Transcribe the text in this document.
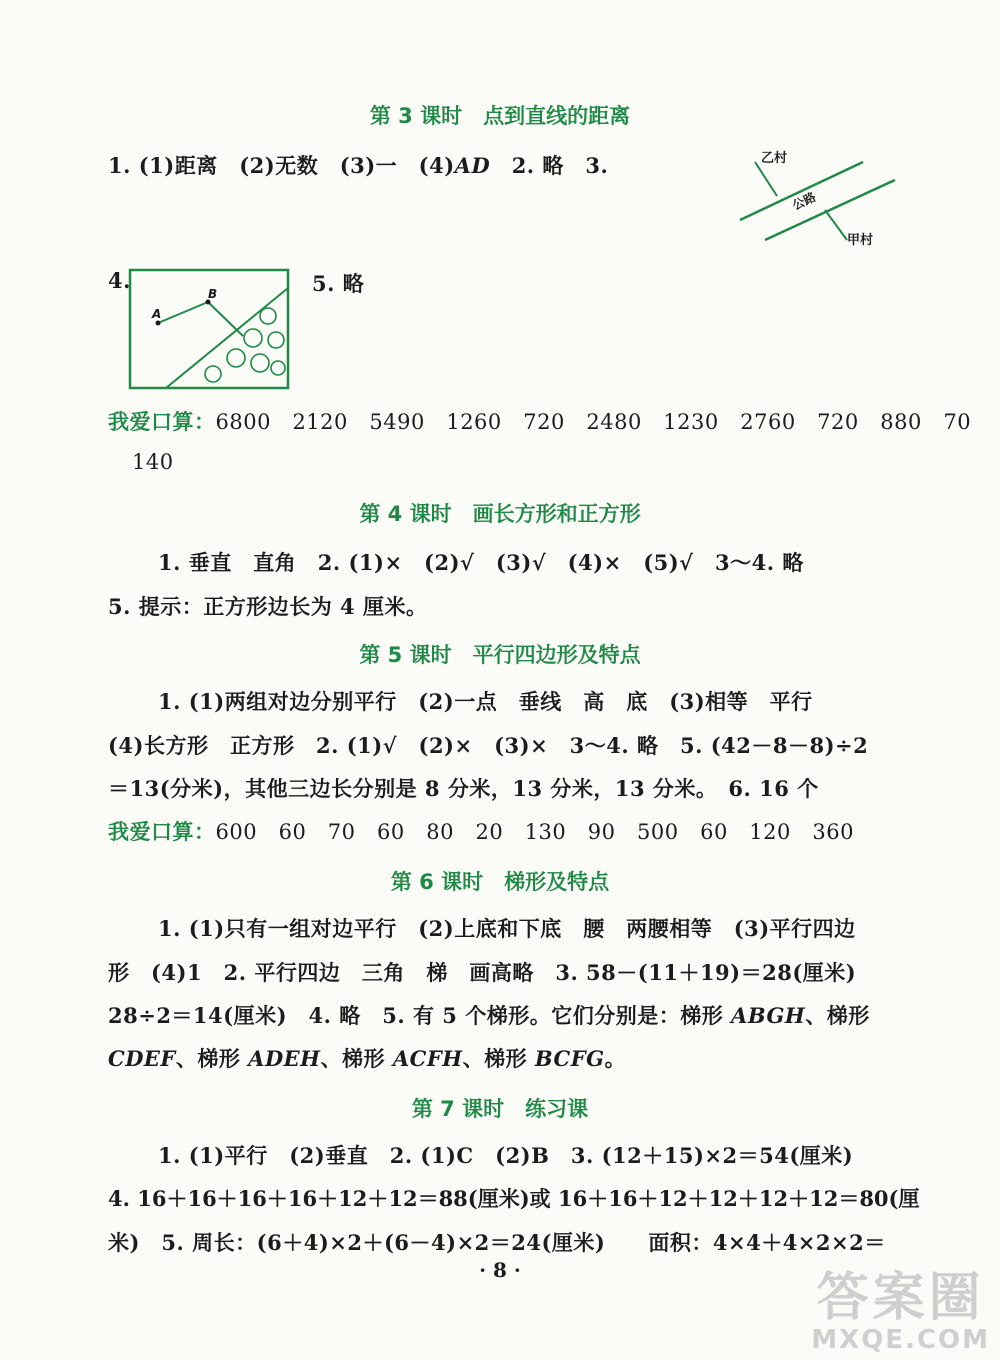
第 3 课时　点到直线的距离
1. (1)距离　(2)无数　(3)一　(4)AD　 2. 略　3.	乙村
公路
甲村
4.
A
B	5. 略
我爱口算：6800　2120　5490　1260　720　2480　1230　2760　720　880　70
140
第 4 课时　画长方形和正方形
1. 垂直　直角　2. (1)×　(2)√　(3)√　(4)×　(5)√　3～4. 略
5. 提示：正方形边长为 4 厘米。
第 5 课时　平行四边形及特点
1. (1)两组对边分别平行　(2)一点　垂线　高　底　(3)相等　平行
(4)长方形　正方形　2. (1)√　(2)×　(3)×　3～4. 略　5. (42－8－8)÷2
＝13(分米)，其他三边长分别是 8 分米，13 分米，13 分米。　6. 16 个
我爱口算：600　60　70　60　80　20　130　90　500　60　120　360
第 6 课时　梯形及特点
1. (1)只有一组对边平行　(2)上底和下底　腰　两腰相等　(3)平行四边
形　(4)1　2. 平行四边　三角　梯　画高略　3. 58－(11＋19)＝28(厘米)
28÷2＝14(厘米)　4. 略　5. 有 5 个梯形。它们分别是：梯形 ABGH、梯形
CDEF、梯形 ADEH、梯形 ACFH、梯形 BCFG。
第 7 课时　练习课
1. (1)平行　(2)垂直　2. (1)C　(2)B　3. (12＋15)×2＝54(厘米)
4. 16＋16＋16＋16＋12＋12＝88(厘米)或 16＋16＋12＋12＋12＋12＝80(厘
米)　5. 周长：(6＋4)×2＋(6－4)×2＝24(厘米)　　面积：4×4＋4×2×2＝
· 8 ·	答案圈
MXQE.COM
